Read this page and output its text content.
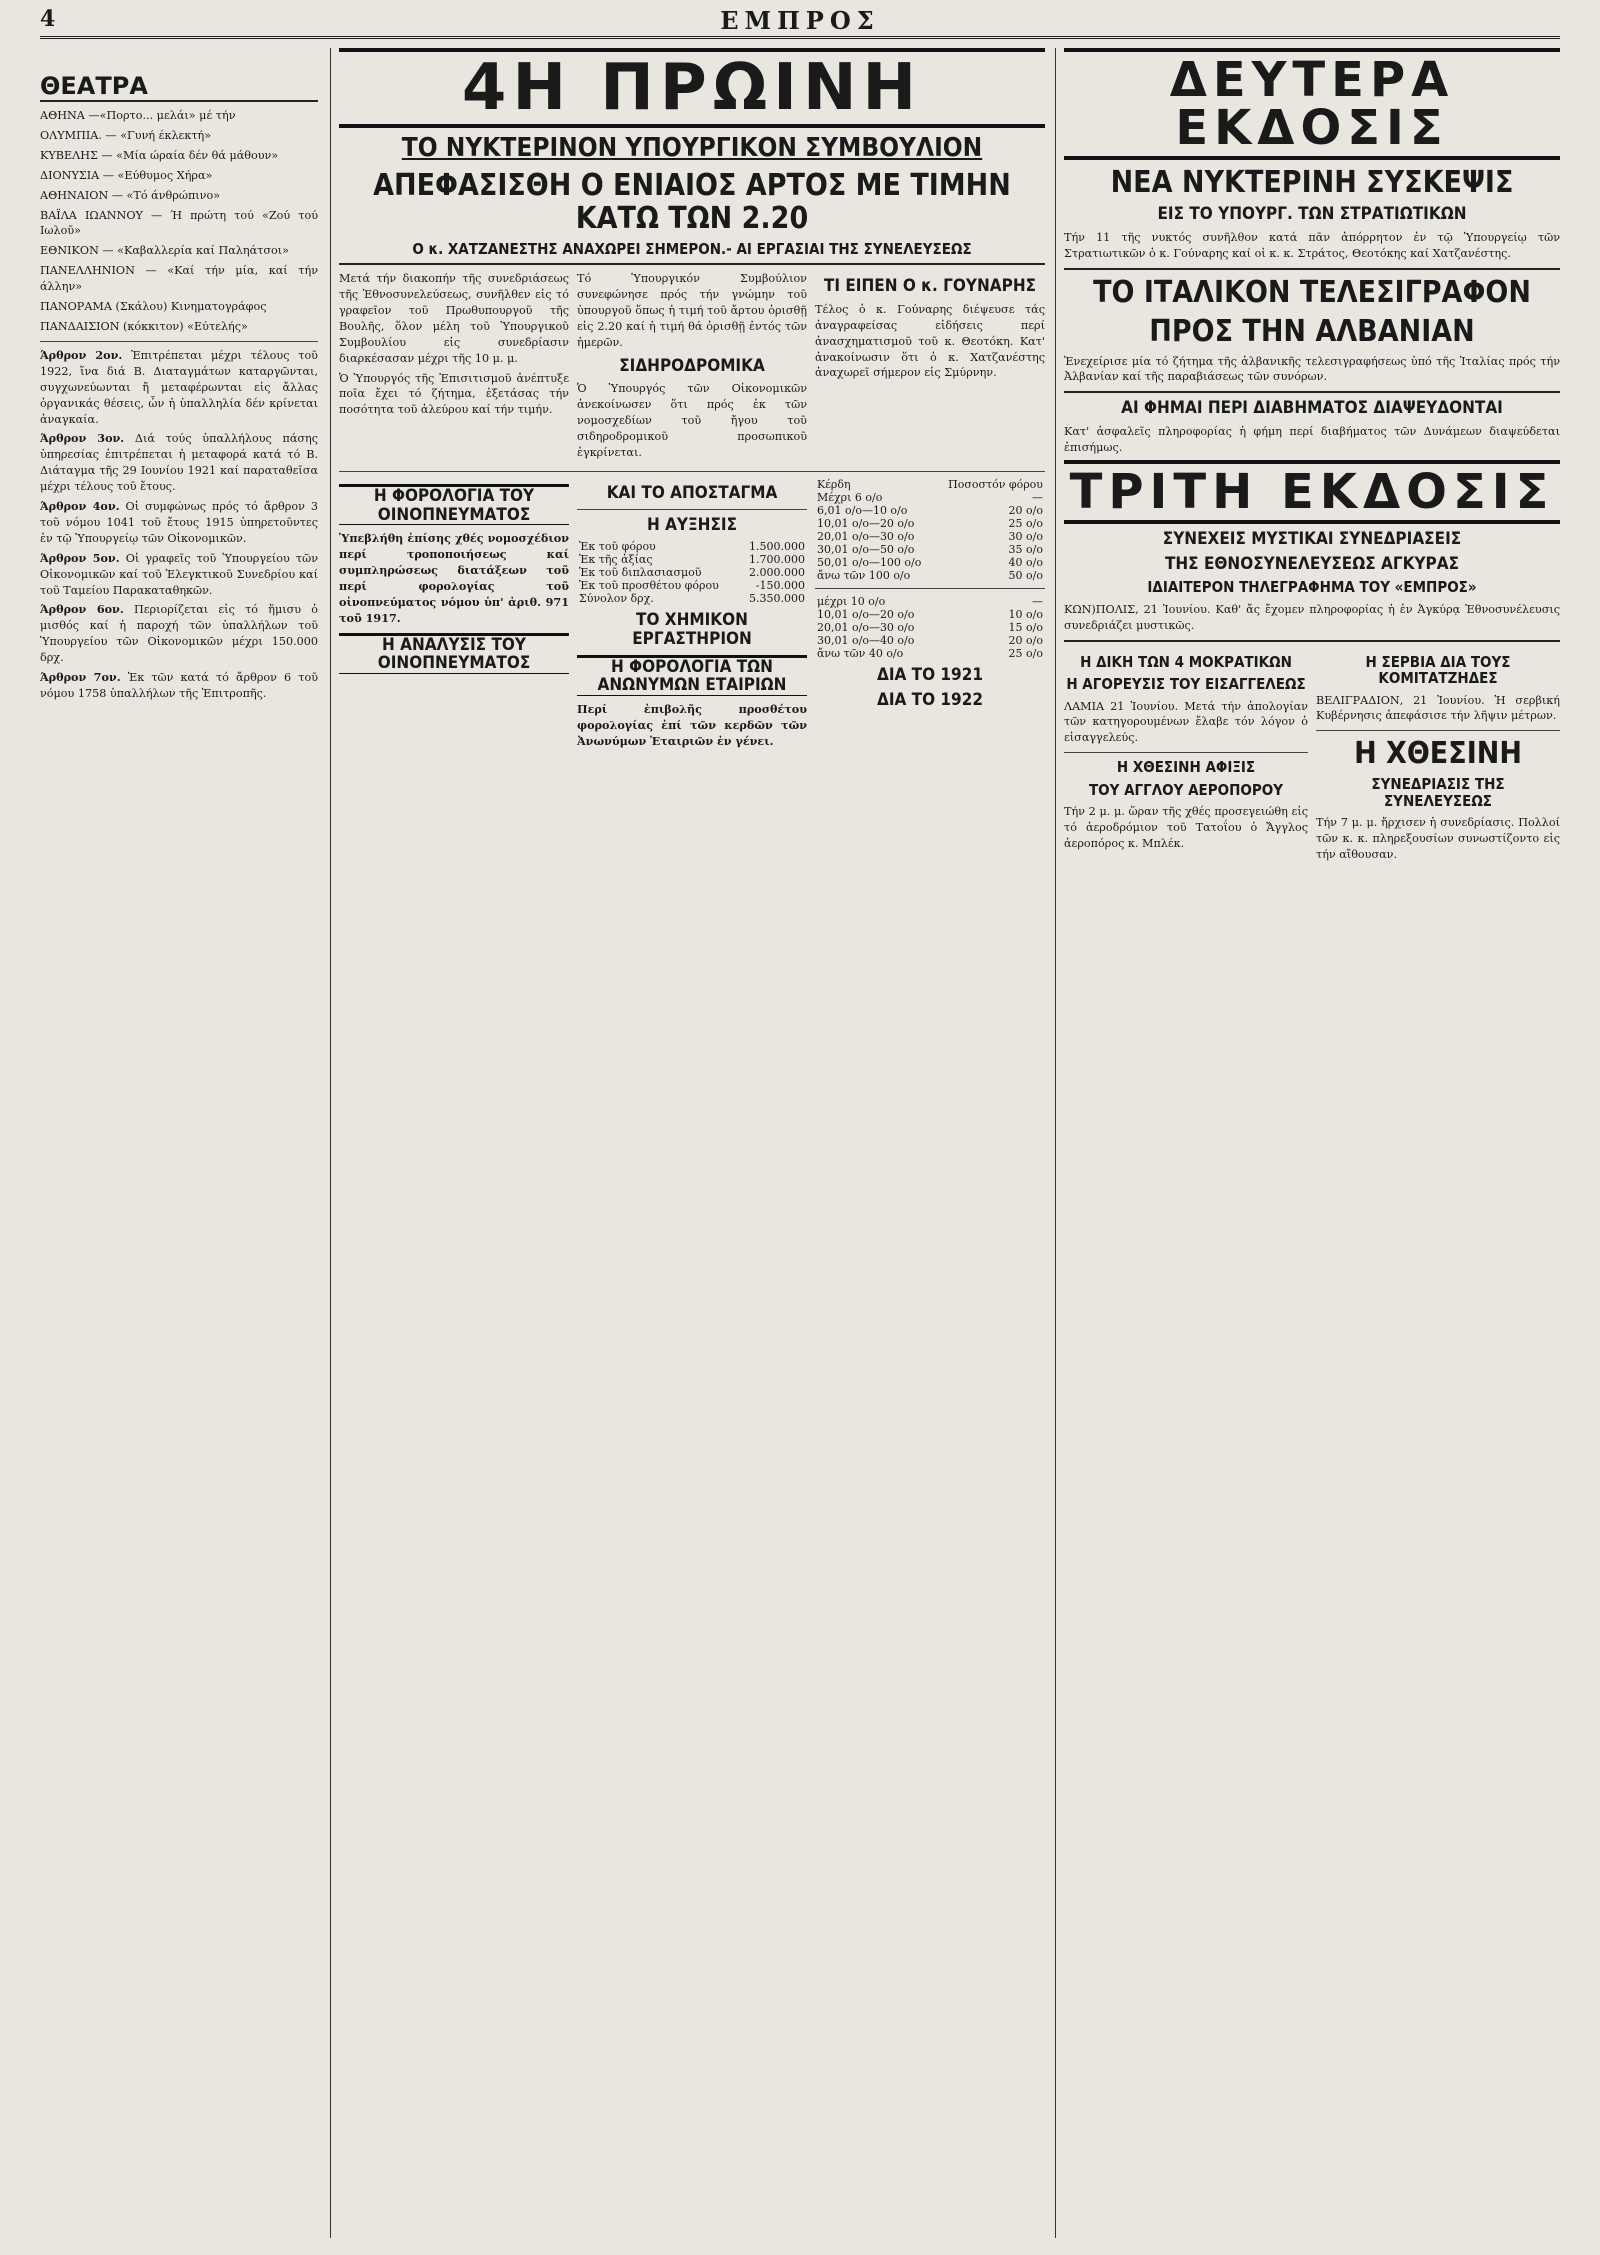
4	ΕΜΠΡΟΣ
ΘΕΑΤΡΑ

ΑΘΗΝΑ —«Πορτο... μελάι» μέ τήν

ΟΛΥΜΠΙΑ. — «Γυνή έκλεκτή»

ΚΥΒΕΛΗΣ — «Μία ώραία δέν θά μάθουν»

ΔΙΟΝΥΣΙΑ — «Εύθυμος Χήρα»

ΑΘΗΝΑΙΟΝ — «Τό άνθρώπινο»

ΒΑΪΛΑ ΙΩΑΝΝΟΥ — Ή πρώτη τού «Ζού τού Ιωλοῦ»

ΕΘΝΙΚΟΝ — «Καβαλλερία καί Παληάτσοι»

ΠΑΝΕΛΛΗΝΙΟΝ — «Καί τήν μία, καί τήν άλλην»

ΠΑΝΟΡΑΜΑ (Σκάλου) Κινηματογράφος

ΠΑΝΔΑΙΣΙΟΝ (κόκκιτον) «Εύτελής»

Άρθρον 2ον. Ἐπιτρέπεται μέχρι τέλους τοῦ 1922, ἵνα διά Β. Διαταγμάτων καταργῶνται, συγχωνεύωνται ἤ μεταφέρωνται εἰς ἄλλας ὀργανικάς θέσεις, ὧν ἡ ὑπαλληλία δέν κρίνεται ἀναγκαία.

Άρθρον 3ον. Διά τούς ὑπαλλήλους πάσης ὑπηρεσίας ἐπιτρέπεται ἡ μεταφορά κατά τό Β. Διάταγμα τῆς 29 Ιουνίου 1921 καί παραταθεῖσα μέχρι τέλους τοῦ ἔτους.

Άρθρον 4ον. Οἱ συμφώνως πρός τό ἄρθρον 3 τοῦ νόμου 1041 τοῦ ἔτους 1915 ὑπηρετοῦντες ἐν τῷ Ὑπουργείῳ τῶν Οἰκονομικῶν.

Άρθρον 5ον. Οἱ γραφεῖς τοῦ Ὑπουργείου τῶν Οἰκονομικῶν καί τοῦ Ἐλεγκτικοῦ Συνεδρίου καί τοῦ Ταμείου Παρακαταθηκῶν.

Άρθρον 6ον. Περιορίζεται εἰς τό ἥμισυ ὁ μισθός καί ἡ παροχή τῶν ὑπαλλήλων τοῦ Ὑπουργείου τῶν Οἰκονομικῶν μέχρι 150.000 δρχ.

Άρθρον 7ον. Ἐκ τῶν κατά τό ἄρθρον 6 τοῦ νόμου 1758 ὑπαλλήλων τῆς Ἐπιτροπῆς.

4Η ΠΡΩΙΝΗ
ΤΟ ΝΥΚΤΕΡΙΝΟΝ ΥΠΟΥΡΓΙΚΟΝ ΣΥΜΒΟΥΛΙΟΝ
ΑΠΕΦΑΣΙΣΘΗ Ο ΕΝΙΑΙΟΣ ΑΡΤΟΣ ΜΕ ΤΙΜΗΝ ΚΑΤΩ ΤΩΝ 2.20
Ο κ. ΧΑΤΖΑΝΕΣΤΗΣ ΑΝΑΧΩΡΕΙ ΣΗΜΕΡΟΝ.- ΑΙ ΕΡΓΑΣΙΑΙ ΤΗΣ ΣΥΝΕΛΕΥΣΕΩΣ

Μετά τήν διακοπήν τῆς συνεδριάσεως τῆς Ἐθνοσυνελεύσεως, συνῆλθεν εἰς τό γραφεῖον τοῦ Πρωθυπουργοῦ τῆς Βουλῆς, ὅλον μέλη τοῦ Ὑπουργικοῦ Συμβουλίου εἰς συνεδρίασιν διαρκέσασαν μέχρι τῆς 10 μ. μ.

Ὁ Ὑπουργός τῆς Ἐπισιτισμοῦ ἀνέπτυξε ποῖα ἔχει τό ζήτημα, ἐξετάσας τήν ποσότητα τοῦ ἀλεύρου καί τήν τιμήν.

Τό Ὑπουργικόν Συμβούλιον συνεφώνησε πρός τήν γνώμην τοῦ ὑπουργοῦ ὅπως ἡ τιμή τοῦ ἄρτου ὁρισθῇ εἰς 2.20 καί ἡ τιμή θά ὁρισθῇ ἐντός τῶν ἡμερῶν.

ΣΙΔΗΡΟΔΡΟΜΙΚΑ

Ὁ Ὑπουργός τῶν Οἰκονομικῶν ἀνεκοίνωσεν ὅτι πρός ἐκ τῶν νομοσχεδίων τοῦ ἤγου τοῦ σιδηροδρομικοῦ προσωπικοῦ ἐγκρίνεται.

ΤΙ ΕΙΠΕΝ Ο κ. ΓΟΥΝΑΡΗΣ

Τέλος ὁ κ. Γούναρης διέψευσε τάς ἀναγραφείσας εἰδήσεις περί ἀνασχηματισμοῦ τοῦ κ. Θεοτόκη. Κατ' ἀνακοίνωσιν ὅτι ὁ κ. Χατζανέστης ἀναχωρεῖ σήμερον εἰς Σμύρνην.

Η ΦΟΡΟΛΟΓΙΑ ΤΟΥ ΟΙΝΟΠΝΕΥΜΑΤΟΣ

Ὑπεβλήθη ἐπίσης χθές νομοσχέδιον περί τροποποιήσεως καί συμπληρώσεως διατάξεων τοῦ περί φορολογίας τοῦ οἰνοπνεύματος νόμου ὑπ' ἀριθ. 971 τοῦ 1917.

Η ΑΝΑΛΥΣΙΣ ΤΟΥ ΟΙΝΟΠΝΕΥΜΑΤΟΣ
ΚΑΙ ΤΟ ΑΠΟΣΤΑΓΜΑ
Η ΑΥΞΗΣΙΣ
Ἐκ τοῦ φόρου	1.500.000
Ἐκ τῆς ἀξίας	1.700.000
Ἐκ τοῦ διπλασιασμοῦ	2.000.000
Ἐκ τοῦ προσθέτου φόρου	-150.000
Σύνολον δρχ.	5.350.000
ΤΟ ΧΗΜΙΚΟΝ ΕΡΓΑΣΤΗΡΙΟΝ
Η ΦΟΡΟΛΟΓΙΑ ΤΩΝ ΑΝΩΝΥΜΩΝ ΕΤΑΙΡΙΩΝ

Περί ἐπιβολῆς προσθέτου φορολογίας ἐπί τῶν κερδῶν τῶν Ἀνωνύμων Ἑταιριῶν ἐν γένει.

Κέρδη	Ποσοστόν φόρου
Μέχρι 6 ο/ο	—
6,01 ο/ο—10 ο/ο	20 ο/ο
10,01 ο/ο—20 ο/ο	25 ο/ο
20,01 ο/ο—30 ο/ο	30 ο/ο
30,01 ο/ο—50 ο/ο	35 ο/ο
50,01 ο/ο—100 ο/ο	40 ο/ο
ἄνω τῶν 100 ο/ο	50 ο/ο
μέχρι 10 ο/ο	—
10,01 ο/ο—20 ο/ο	10 ο/ο
20,01 ο/ο—30 ο/ο	15 ο/ο
30,01 ο/ο—40 ο/ο	20 ο/ο
ἄνω τῶν 40 ο/ο	25 ο/ο
ΔΙΑ ΤΟ 1921
ΔΙΑ ΤΟ 1922
ΔΕΥΤΕΡΑ ΕΚΔΟΣΙΣ
ΝΕΑ ΝΥΚΤΕΡΙΝΗ ΣΥΣΚΕΨΙΣ
ΕΙΣ ΤΟ ΥΠΟΥΡΓ. ΤΩΝ ΣΤΡΑΤΙΩΤΙΚΩΝ

Τήν 11 τῆς νυκτός συνῆλθον κατά πᾶν ἀπόρρητον ἐν τῷ Ὑπουργείῳ τῶν Στρατιωτικῶν ὁ κ. Γούναρης καί οἱ κ. κ. Στράτος, Θεοτόκης καί Χατζανέστης.

ΤΟ ΙΤΑΛΙΚΟΝ ΤΕΛΕΣΙΓΡΑΦΟΝ
ΠΡΟΣ ΤΗΝ ΑΛΒΑΝΙΑΝ

Ἐνεχείρισε μία τό ζήτημα τῆς ἀλβανικῆς τελεσιγραφήσεως ὑπό τῆς Ἰταλίας πρός τήν Ἀλβανίαν καί τῆς παραβιάσεως τῶν συνόρων.

ΑΙ ΦΗΜΑΙ ΠΕΡΙ ΔΙΑΒΗΜΑΤΟΣ ΔΙΑΨΕΥΔΟΝΤΑΙ

Κατ' ἀσφαλεῖς πληροφορίας ἡ φήμη περί διαβήματος τῶν Δυνάμεων διαψεύδεται ἐπισήμως.

ΤΡΙΤΗ ΕΚΔΟΣΙΣ
ΣΥΝΕΧΕΙΣ ΜΥΣΤΙΚΑΙ ΣΥΝΕΔΡΙΑΣΕΙΣ
ΤΗΣ ΕΘΝΟΣΥΝΕΛΕΥΣΕΩΣ ΑΓΚΥΡΑΣ
ΙΔΙΑΙΤΕΡΟΝ ΤΗΛΕΓΡΑΦΗΜΑ ΤΟΥ «ΕΜΠΡΟΣ»

ΚΩΝ)ΠΟΛΙΣ, 21 Ἰουνίου. Καθ' ἄς ἔχομεν πληροφορίας ἡ ἐν Ἀγκύρᾳ Ἐθνοσυνέλευσις συνεδριάζει μυστικῶς.

Η ΔΙΚΗ ΤΩΝ 4 ΜΟΚΡΑΤΙΚΩΝ
Η ΑΓΟΡΕΥΣΙΣ ΤΟΥ ΕΙΣΑΓΓΕΛΕΩΣ

ΛΑΜΙΑ 21 Ἰουνίου. Μετά τήν ἀπολογίαν τῶν κατηγορουμένων ἔλαβε τόν λόγον ὁ εἰσαγγελεύς.

Η ΧΘΕΣΙΝΗ ΑΦΙΞΙΣ
ΤΟΥ ΑΓΓΛΟΥ ΑΕΡΟΠΟΡΟΥ

Τήν 2 μ. μ. ὥραν τῆς χθές προσεγειώθη εἰς τό ἀεροδρόμιον τοῦ Τατοΐου ὁ Ἄγγλος ἀεροπόρος κ. Μπλέκ.

Η ΣΕΡΒΙΑ ΔΙΑ ΤΟΥΣ ΚΟΜΙΤΑΤΖΗΔΕΣ

ΒΕΛΙΓΡΑΔΙΟΝ, 21 Ἰουνίου. Ἡ σερβική Κυβέρνησις ἀπεφάσισε τήν λῆψιν μέτρων.

Η ΧΘΕΣΙΝΗ
ΣΥΝΕΔΡΙΑΣΙΣ ΤΗΣ ΣΥΝΕΛΕΥΣΕΩΣ

Τήν 7 μ. μ. ἤρχισεν ἡ συνεδρίασις. Πολλοί τῶν κ. κ. πληρεξουσίων συνωστίζοντο εἰς τήν αἴθουσαν.
